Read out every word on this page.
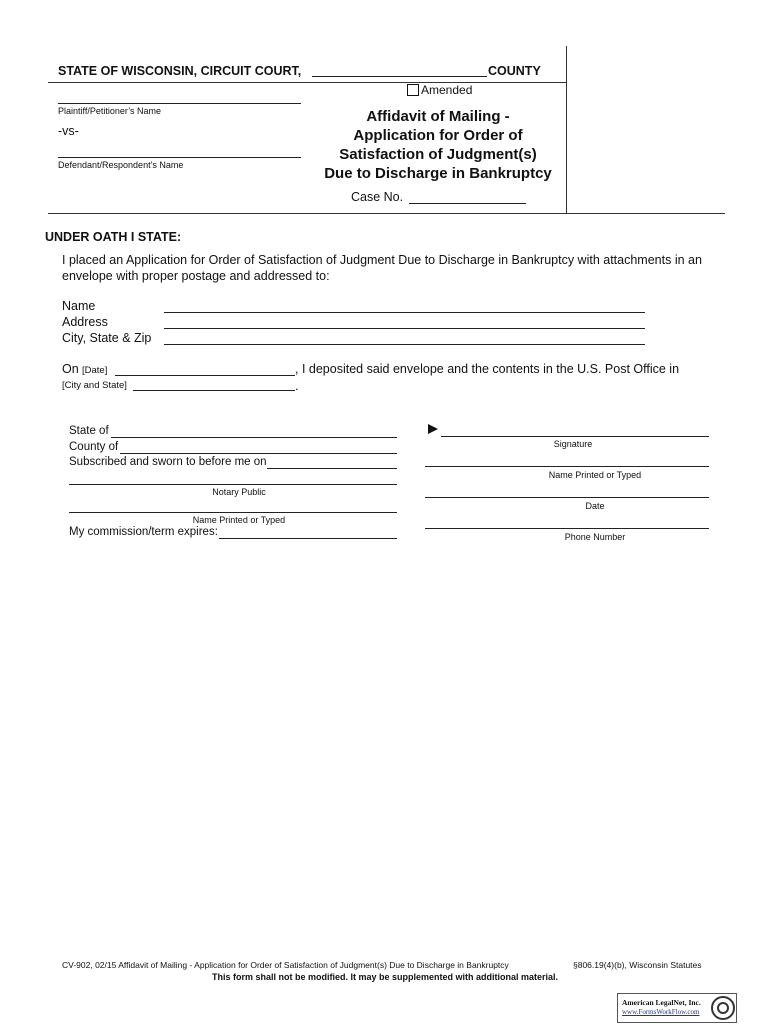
STATE OF WISCONSIN, CIRCUIT COURT,	COUNTY
Amended
Plaintiff/Petitioner’s Name
-vs-
Defendant/Respondent’s Name
Affidavit of Mailing -
Application for Order of
Satisfaction of Judgment(s)
Due to Discharge in Bankruptcy
Case No.
UNDER OATH I STATE:
I placed an Application for Order of Satisfaction of Judgment Due to Discharge in Bankruptcy with attachments in an
envelope with proper postage and addressed to:
Name
Address
City, State & Zip
On [Date]	, I deposited said envelope and the contents in the U.S. Post Office in
[City and State]	.
State of
County of
Subscribed and sworn to before me on
Notary Public
Name Printed or Typed
My commission/term expires:
Signature
Name Printed or Typed
Date
Phone Number
CV-902, 02/15 Affidavit of Mailing - Application for Order of Satisfaction of Judgment(s) Due to Discharge in Bankruptcy	§806.19(4)(b), Wisconsin Statutes
This form shall not be modified. It may be supplemented with additional material.
American LegalNet, Inc.
www.FormsWorkFlow.com
